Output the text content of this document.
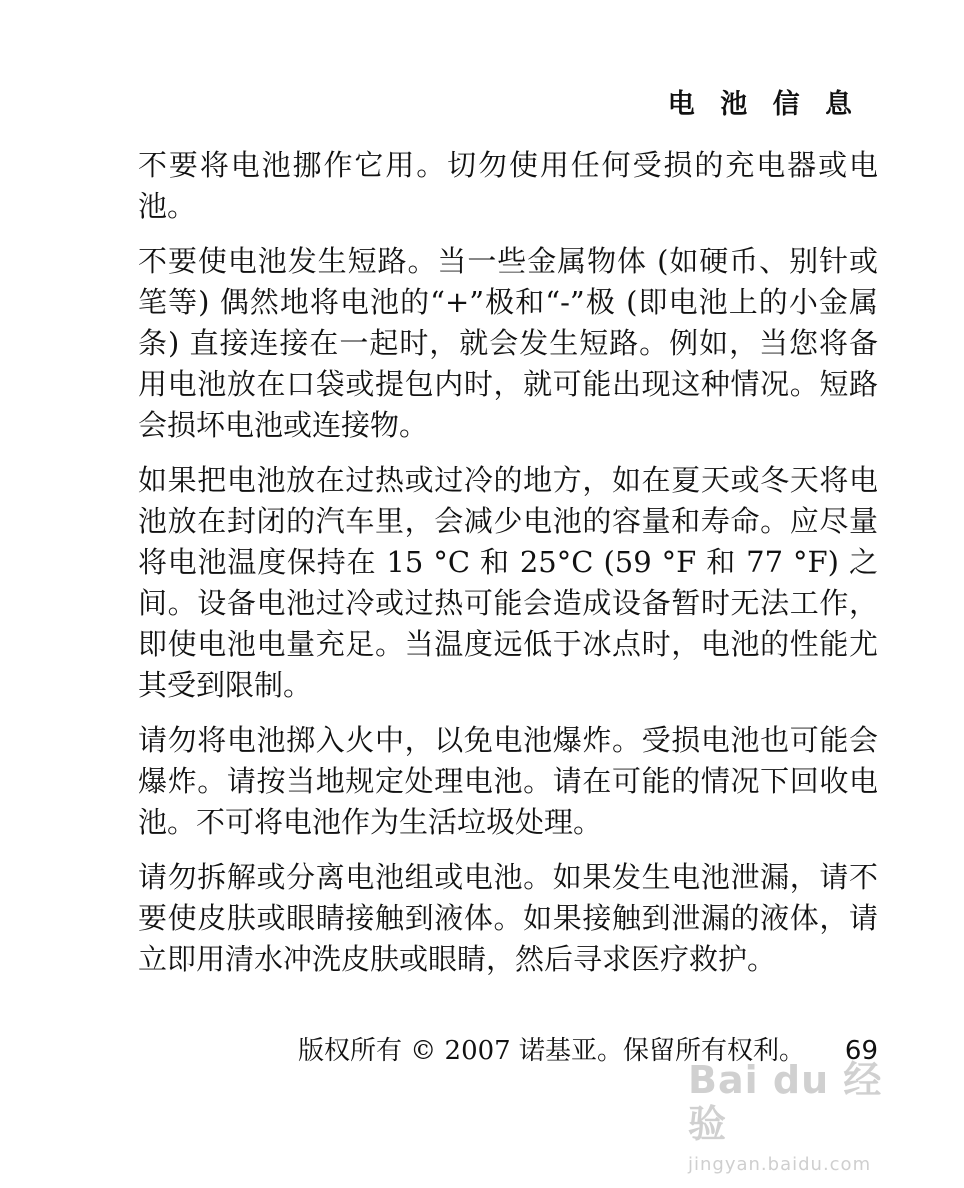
电 池 信 息

不要将电池挪作它用。切勿使用任何受损的充电器或电池。

不要使电池发生短路。当一些金属物体 (如硬币、别针或笔等) 偶然地将电池的“+”极和“-”极 (即电池上的小金属条) 直接连接在一起时，就会发生短路。例如，当您将备用电池放在口袋或提包内时，就可能出现这种情况。短路会损坏电池或连接物。

如果把电池放在过热或过冷的地方，如在夏天或冬天将电池放在封闭的汽车里，会减少电池的容量和寿命。应尽量将电池温度保持在 15 °C 和 25°C (59 °F 和 77 °F) 之间。设备电池过冷或过热可能会造成设备暂时无法工作，即使电池电量充足。当温度远低于冰点时，电池的性能尤其受到限制。

请勿将电池掷入火中，以免电池爆炸。受损电池也可能会爆炸。请按当地规定处理电池。请在可能的情况下回收电池。不可将电池作为生活垃圾处理。

请勿拆解或分离电池组或电池。如果发生电池泄漏，请不要使皮肤或眼睛接触到液体。如果接触到泄漏的液体，请立即用清水冲洗皮肤或眼睛，然后寻求医疗救护。

版权所有 © 2007 诺基亚。保留所有权利。 69
Bai du 经验
jingyan.baidu.com
